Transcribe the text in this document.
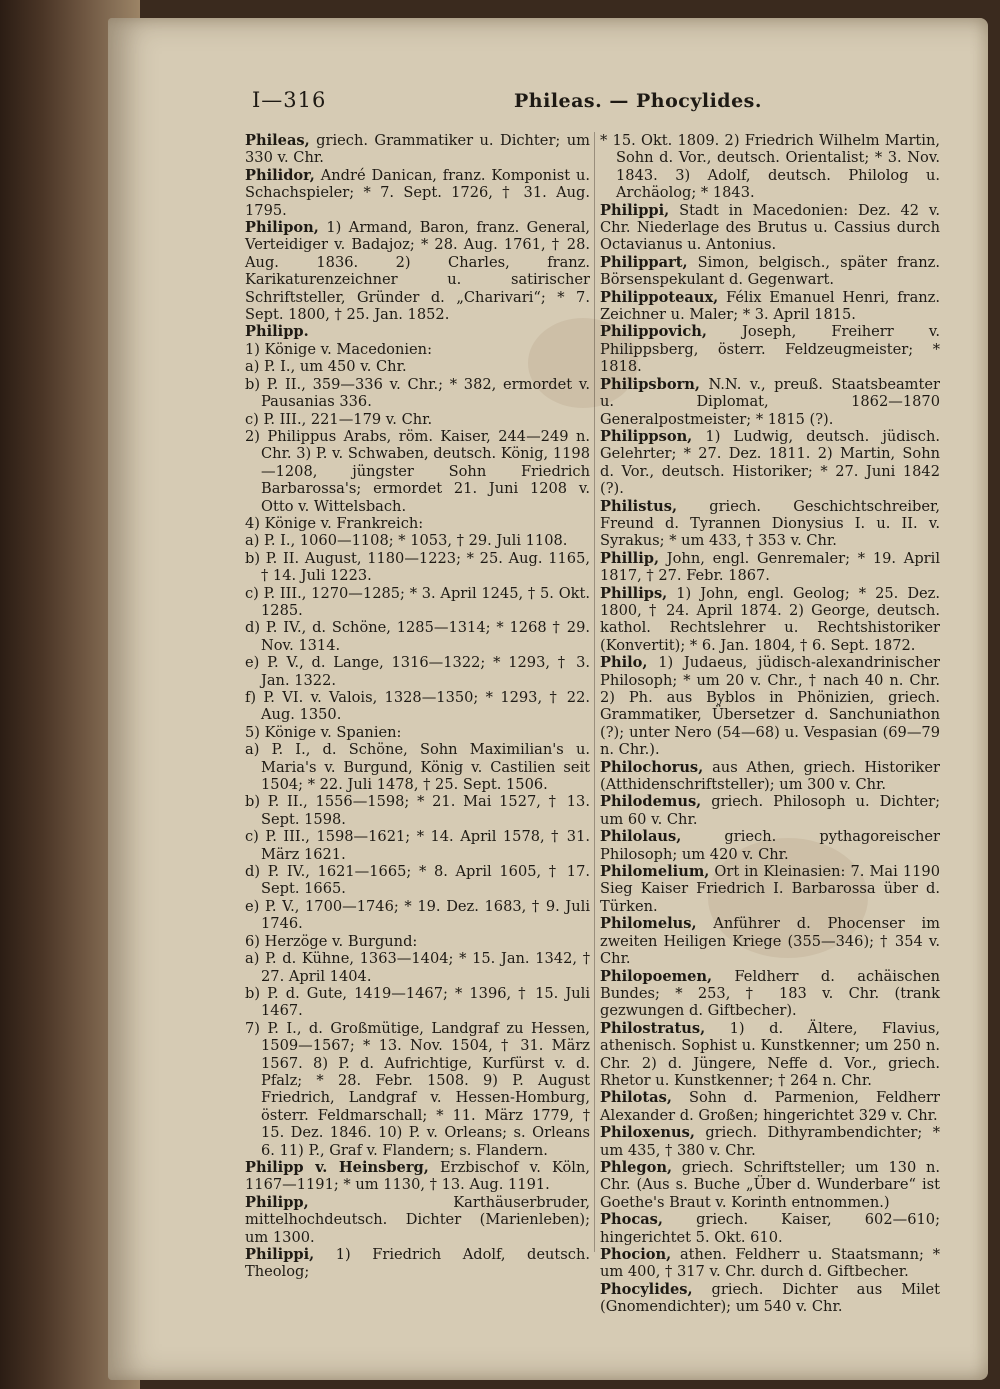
I—316	Phileas. — Phocylides.
Phileas, griech. Grammatiker u. Dichter; um 330 v. Chr.
Philidor, André Danican, franz. Komponist u. Schachspieler; * 7. Sept. 1726, † 31. Aug. 1795.
Philipon, 1) Armand, Baron, franz. General, Verteidiger v. Badajoz; * 28. Aug. 1761, † 28. Aug. 1836. 2) Charles, franz. Karikaturenzeichner u. satirischer Schriftsteller, Gründer d. „Charivari“; * 7. Sept. 1800, † 25. Jan. 1852.
Philipp.
1) Könige v. Macedonien:
a) P. I., um 450 v. Chr.
b) P. II., 359—336 v. Chr.; * 382, ermordet v. Pausanias 336.
c) P. III., 221—179 v. Chr.
2) Philippus Arabs, röm. Kaiser, 244—249 n. Chr. 3) P. v. Schwaben, deutsch. König, 1198—1208, jüngster Sohn Friedrich Barbarossa's; ermordet 21. Juni 1208 v. Otto v. Wittelsbach.
4) Könige v. Frankreich:
a) P. I., 1060—1108; * 1053, † 29. Juli 1108.
b) P. II. August, 1180—1223; * 25. Aug. 1165, † 14. Juli 1223.
c) P. III., 1270—1285; * 3. April 1245, † 5. Okt. 1285.
d) P. IV., d. Schöne, 1285—1314; * 1268 † 29. Nov. 1314.
e) P. V., d. Lange, 1316—1322; * 1293, † 3. Jan. 1322.
f) P. VI. v. Valois, 1328—1350; * 1293, † 22. Aug. 1350.
5) Könige v. Spanien:
a) P. I., d. Schöne, Sohn Maximilian's u. Maria's v. Burgund, König v. Castilien seit 1504; * 22. Juli 1478, † 25. Sept. 1506.
b) P. II., 1556—1598; * 21. Mai 1527, † 13. Sept. 1598.
c) P. III., 1598—1621; * 14. April 1578, † 31. März 1621.
d) P. IV., 1621—1665; * 8. April 1605, † 17. Sept. 1665.
e) P. V., 1700—1746; * 19. Dez. 1683, † 9. Juli 1746.
6) Herzöge v. Burgund:
a) P. d. Kühne, 1363—1404; * 15. Jan. 1342, † 27. April 1404.
b) P. d. Gute, 1419—1467; * 1396, † 15. Juli 1467.
7) P. I., d. Großmütige, Landgraf zu Hessen, 1509—1567; * 13. Nov. 1504, † 31. März 1567. 8) P. d. Aufrichtige, Kurfürst v. d. Pfalz; * 28. Febr. 1508. 9) P. August Friedrich, Landgraf v. Hessen-Homburg, österr. Feldmarschall; * 11. März 1779, † 15. Dez. 1846. 10) P. v. Orleans; s. Orleans 6. 11) P., Graf v. Flandern; s. Flandern.
Philipp v. Heinsberg, Erzbischof v. Köln, 1167—1191; * um 1130, † 13. Aug. 1191.
Philipp, Karthäuserbruder, mittelhochdeutsch. Dichter (Marienleben); um 1300.
Philippi, 1) Friedrich Adolf, deutsch. Theolog;
* 15. Okt. 1809. 2) Friedrich Wilhelm Martin, Sohn d. Vor., deutsch. Orientalist; * 3. Nov. 1843. 3) Adolf, deutsch. Philolog u. Archäolog; * 1843.
Philippi, Stadt in Macedonien: Dez. 42 v. Chr. Niederlage des Brutus u. Cassius durch Octavianus u. Antonius.
Philippart, Simon, belgisch., später franz. Börsenspekulant d. Gegenwart.
Philippoteaux, Félix Emanuel Henri, franz. Zeichner u. Maler; * 3. April 1815.
Philippovich, Joseph, Freiherr v. Philippsberg, österr. Feldzeugmeister; * 1818.
Philipsborn, N.N. v., preuß. Staatsbeamter u. Diplomat, 1862—1870 Generalpostmeister; * 1815 (?).
Philippson, 1) Ludwig, deutsch. jüdisch. Gelehrter; * 27. Dez. 1811. 2) Martin, Sohn d. Vor., deutsch. Historiker; * 27. Juni 1842 (?).
Philistus, griech. Geschichtschreiber, Freund d. Tyrannen Dionysius I. u. II. v. Syrakus; * um 433, † 353 v. Chr.
Phillip, John, engl. Genremaler; * 19. April 1817, † 27. Febr. 1867.
Phillips, 1) John, engl. Geolog; * 25. Dez. 1800, † 24. April 1874. 2) George, deutsch. kathol. Rechtslehrer u. Rechtshistoriker (Konvertit); * 6. Jan. 1804, † 6. Sept. 1872.
Philo, 1) Judaeus, jüdisch-alexandrinischer Philosoph; * um 20 v. Chr., † nach 40 n. Chr. 2) Ph. aus Byblos in Phönizien, griech. Grammatiker, Übersetzer d. Sanchuniathon (?); unter Nero (54—68) u. Vespasian (69—79 n. Chr.).
Philochorus, aus Athen, griech. Historiker (Atthidenschriftsteller); um 300 v. Chr.
Philodemus, griech. Philosoph u. Dichter; um 60 v. Chr.
Philolaus, griech. pythagoreischer Philosoph; um 420 v. Chr.
Philomelium, Ort in Kleinasien: 7. Mai 1190 Sieg Kaiser Friedrich I. Barbarossa über d. Türken.
Philomelus, Anführer d. Phocenser im zweiten Heiligen Kriege (355—346); † 354 v. Chr.
Philopoemen, Feldherr d. achäischen Bundes; * 253, † 183 v. Chr. (trank gezwungen d. Giftbecher).
Philostratus, 1) d. Ältere, Flavius, athenisch. Sophist u. Kunstkenner; um 250 n. Chr. 2) d. Jüngere, Neffe d. Vor., griech. Rhetor u. Kunstkenner; † 264 n. Chr.
Philotas, Sohn d. Parmenion, Feldherr Alexander d. Großen; hingerichtet 329 v. Chr.
Philoxenus, griech. Dithyrambendichter; * um 435, † 380 v. Chr.
Phlegon, griech. Schriftsteller; um 130 n. Chr. (Aus s. Buche „Über d. Wunderbare“ ist Goethe's Braut v. Korinth entnommen.)
Phocas, griech. Kaiser, 602—610; hingerichtet 5. Okt. 610.
Phocion, athen. Feldherr u. Staatsmann; * um 400, † 317 v. Chr. durch d. Giftbecher.
Phocylides, griech. Dichter aus Milet (Gnomendichter); um 540 v. Chr.
